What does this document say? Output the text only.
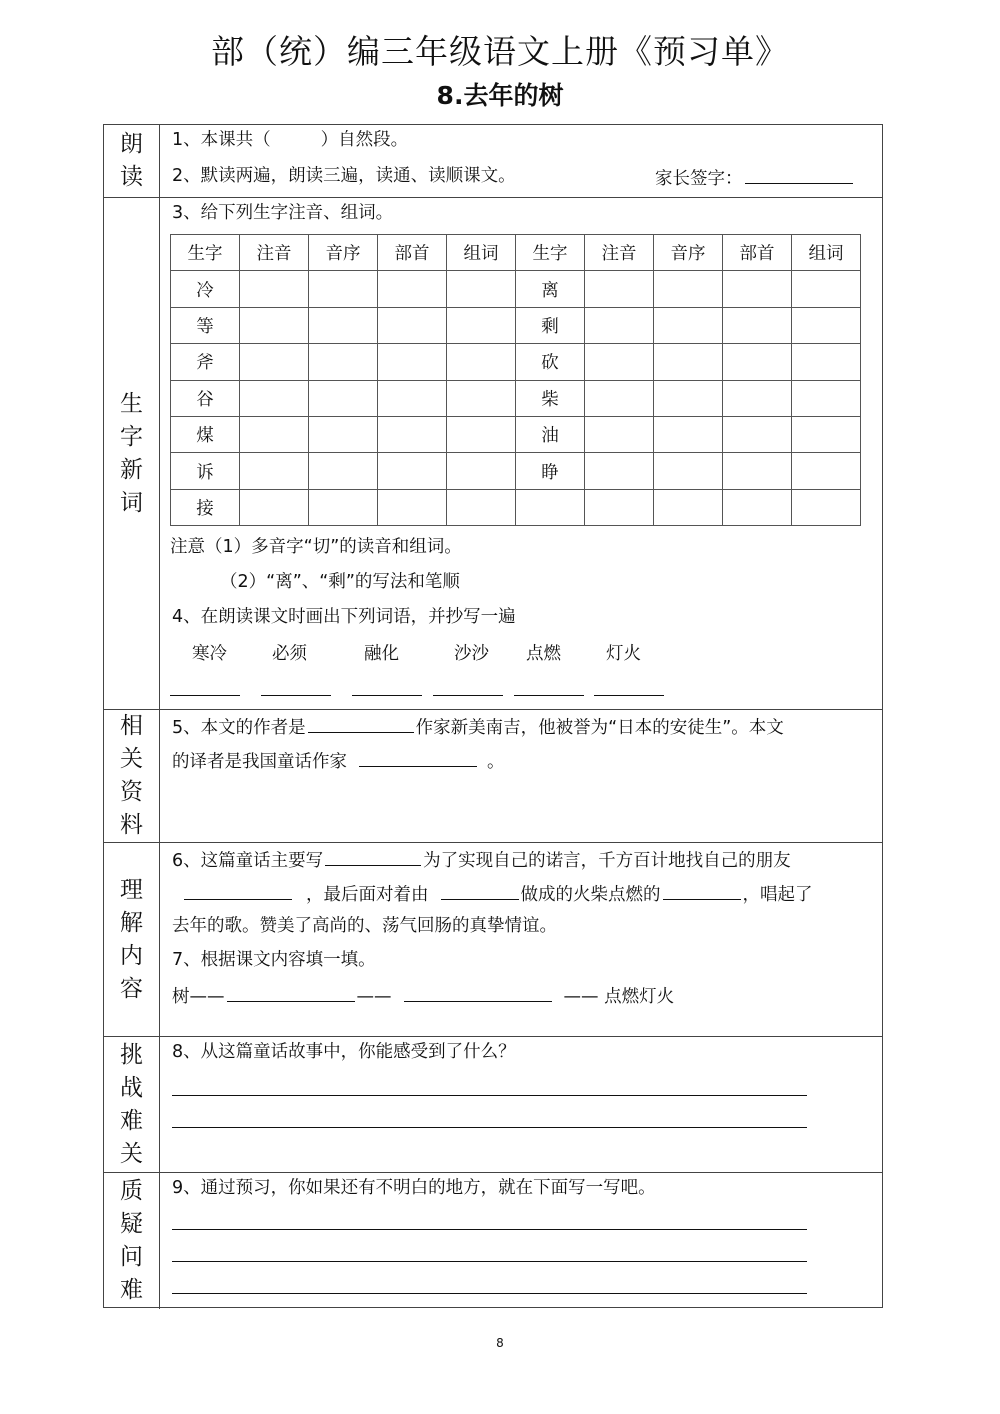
部（统）编三年级语文上册《预习单》
8.去年的树
朗读
1、本课共（	）自然段。
2、默读两遍，朗读三遍，读通、读顺课文。	家长签字：
生字新词
3、给下列生字注音、组词。
生字	注音	音序	部首	组词	生字	注音	音序	部首	组词
冷					离				
等					剩				
斧					砍				
谷					柴				
煤					油				
诉					睁				
接									
注意（1）多音字“切”的读音和组词。
（2）“离”、“剩”的写法和笔顺
4、在朗读课文时画出下列词语，并抄写一遍
寒冷	必须	融化	沙沙 点燃	灯火
相关资料
5、本文的作者是	作家新美南吉，他被誉为“日本的安徒生”。本文
的译者是我国童话作家	。
理解内容
6、这篇童话主要写	为了实现自己的诺言，千方百计地找自己的朋友
，最后面对着由	做成的火柴点燃的	，唱起了
去年的歌。赞美了高尚的、荡气回肠的真挚情谊。
7、根据课文内容填一填。
树——	——	—— 点燃灯火
挑战难关
8、从这篇童话故事中，你能感受到了什么？
质疑问难
9、通过预习，你如果还有不明白的地方，就在下面写一写吧。
8
